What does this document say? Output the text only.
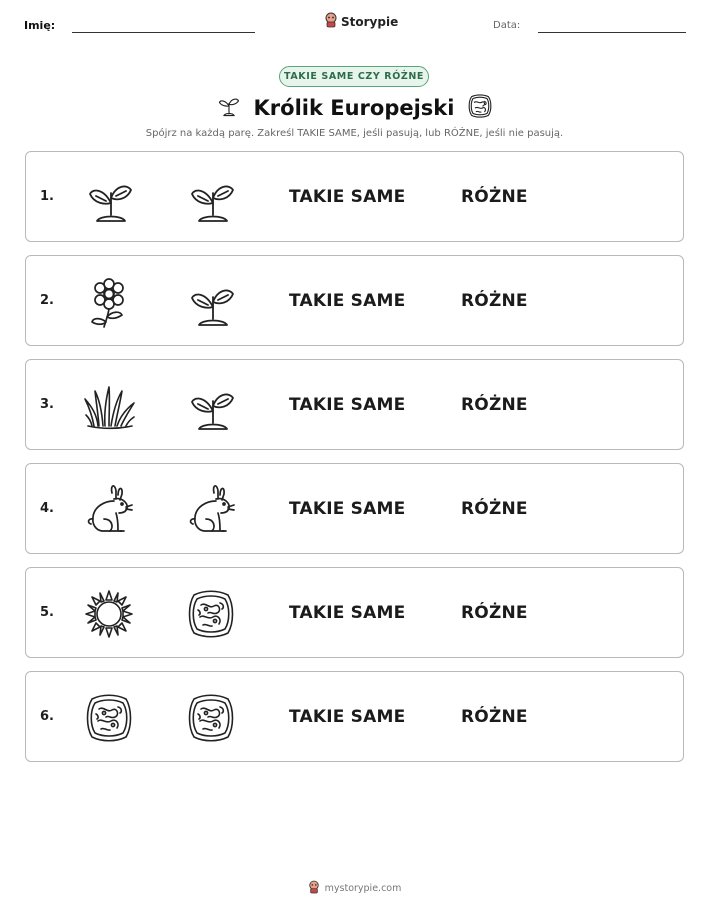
Imię:	Storypie	Data:
TAKIE SAME CZY RÓŻNE
Królik Europejski
Spójrz na każdą parę. Zakreśl TAKIE SAME, jeśli pasują, lub RÓŻNE, jeśli nie pasują.
1.	TAKIE SAME	RÓŻNE
2.	TAKIE SAME	RÓŻNE
3.	TAKIE SAME	RÓŻNE
4.	TAKIE SAME	RÓŻNE
5.	TAKIE SAME	RÓŻNE
6.	TAKIE SAME	RÓŻNE
mystorypie.com
